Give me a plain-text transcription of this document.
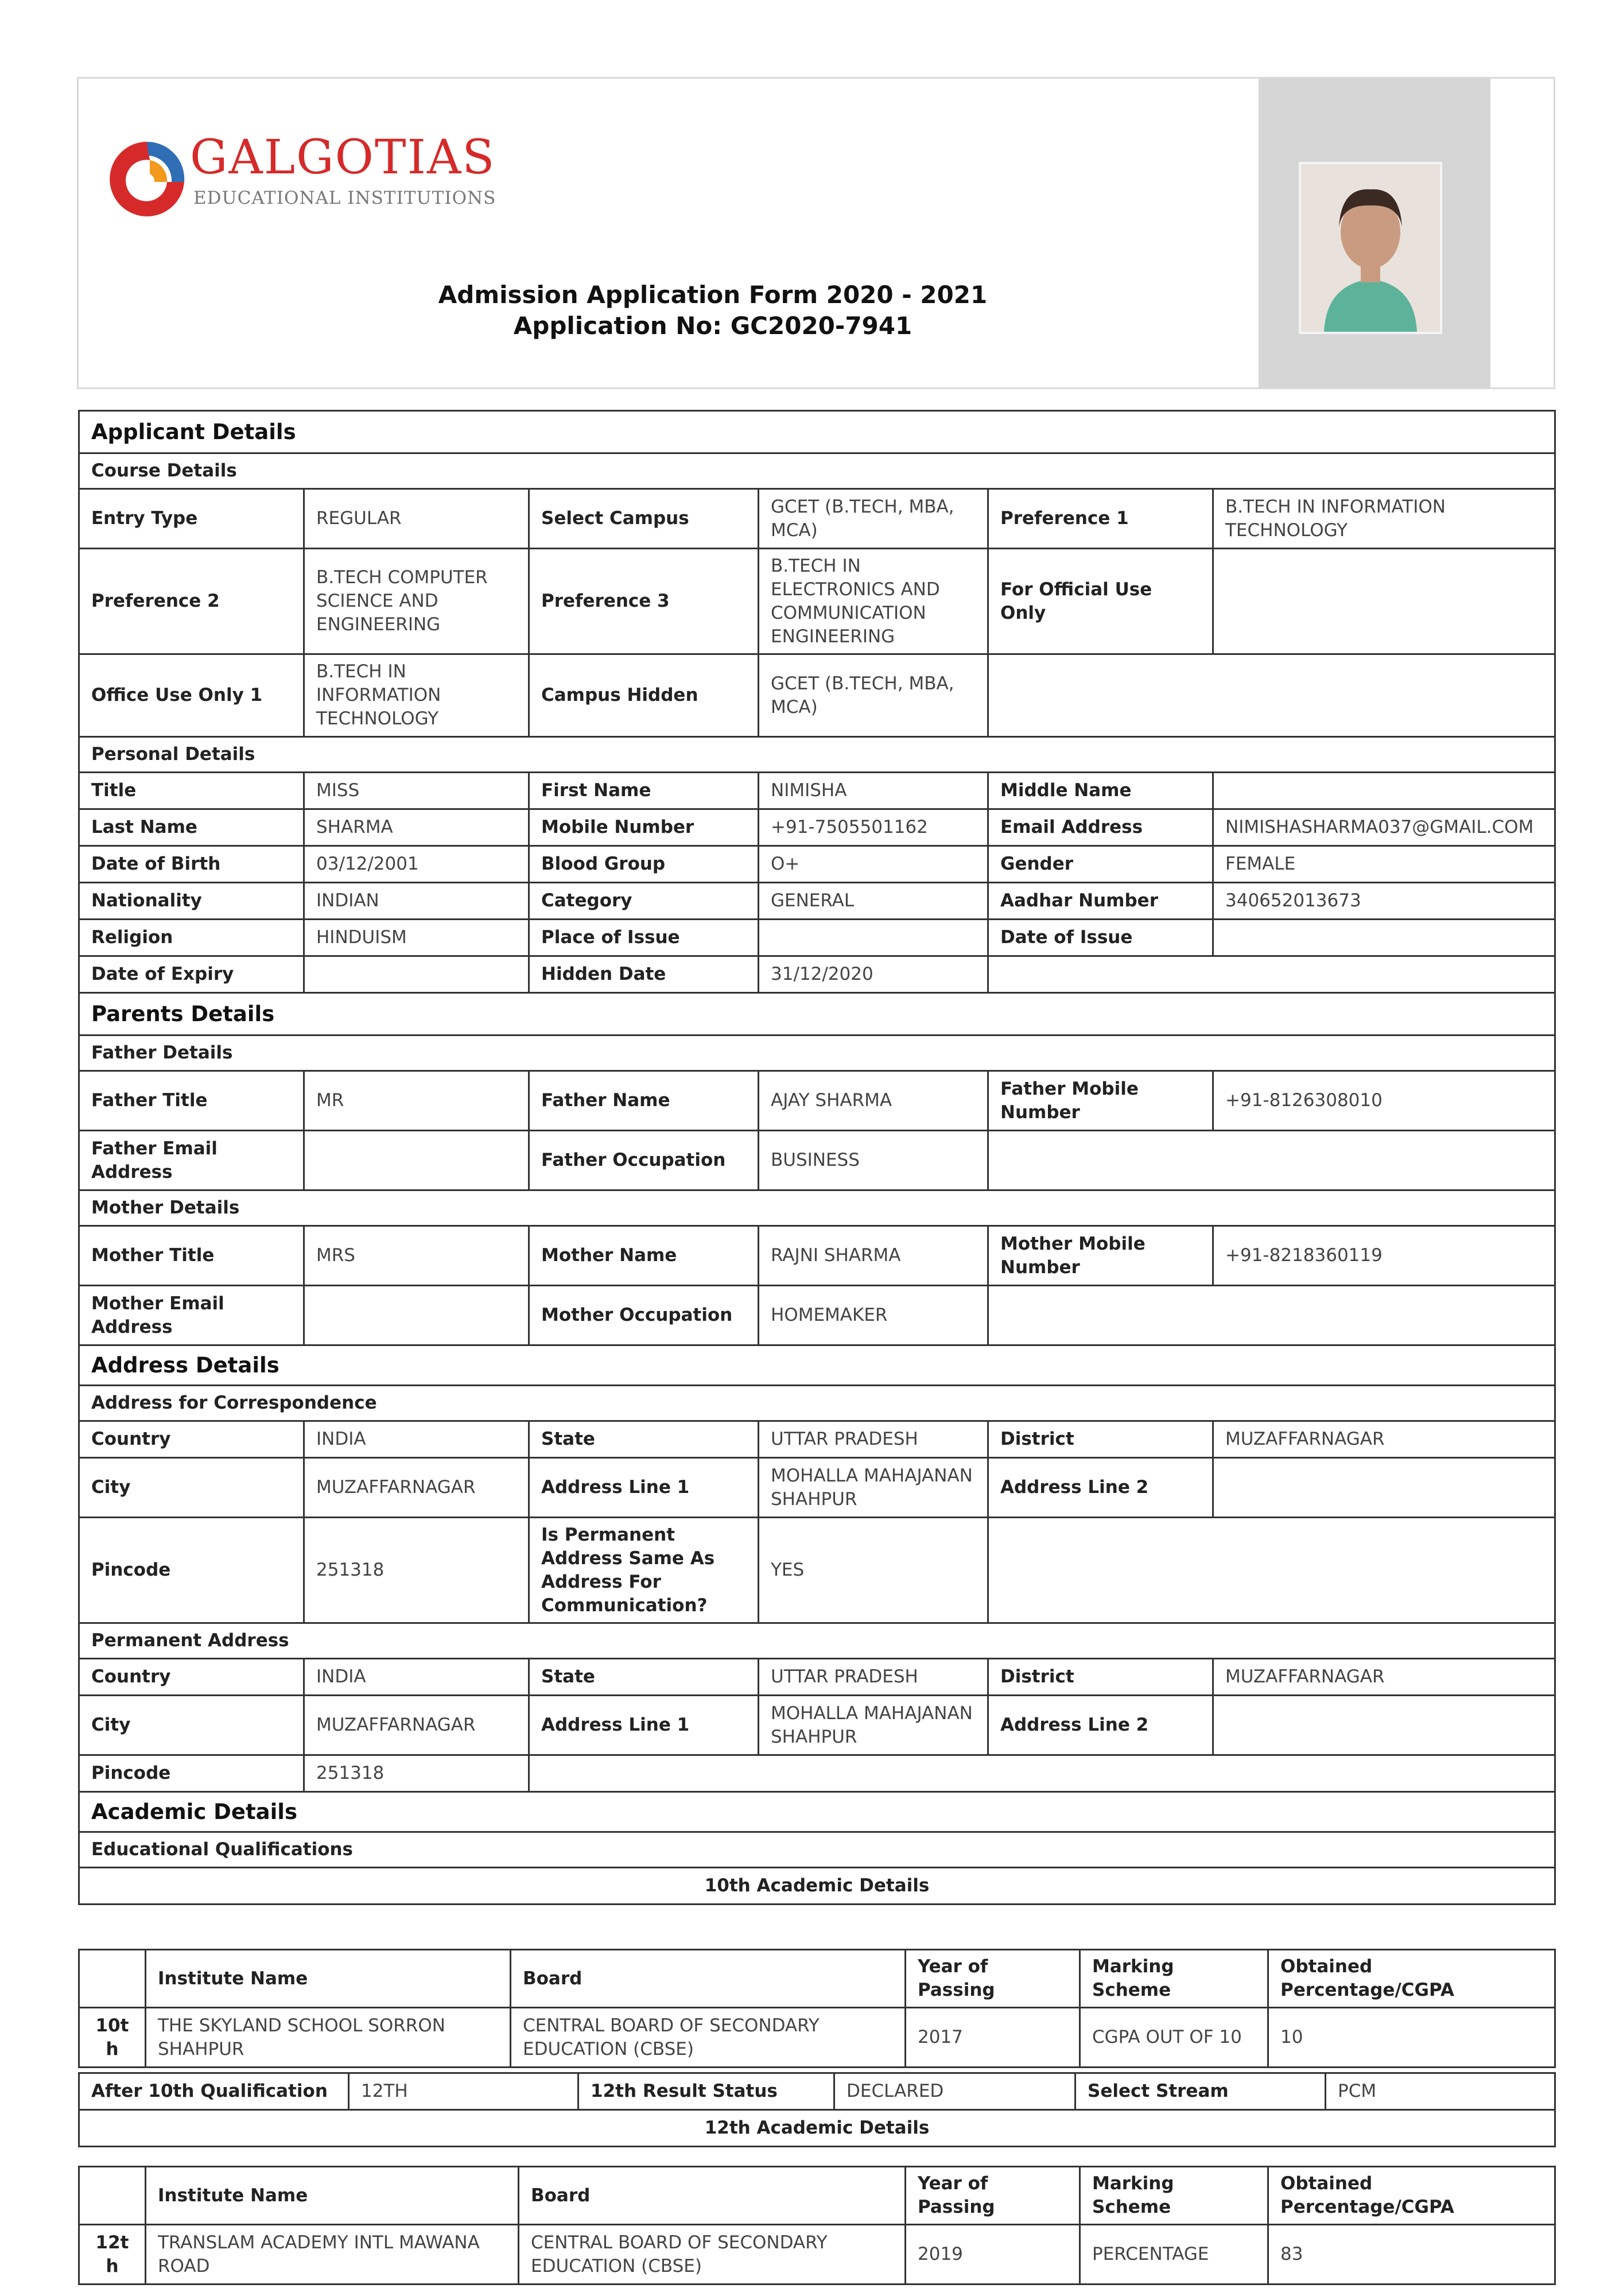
GALGOTIAS
EDUCATIONAL INSTITUTIONS
Admission Application Form 2020 - 2021
Application No: GC2020-7941
Applicant Details					
Course Details					
Entry Type	REGULAR	Select Campus	GCET (B.TECH, MBA, MCA)	Preference 1	B.TECH IN INFORMATION TECHNOLOGY
Preference 2	B.TECH COMPUTER SCIENCE AND ENGINEERING	Preference 3	B.TECH IN ELECTRONICS AND COMMUNICATION ENGINEERING	For Official Use Only	
Office Use Only 1	B.TECH IN INFORMATION TECHNOLOGY	Campus Hidden	GCET (B.TECH, MBA, MCA)		
Personal Details					
Title	MISS	First Name	NIMISHA	Middle Name	
Last Name	SHARMA	Mobile Number	+91-7505501162	Email Address	NIMISHASHARMA037@GMAIL.COM
Date of Birth	03/12/2001	Blood Group	O+	Gender	FEMALE
Nationality	INDIAN	Category	GENERAL	Aadhar Number	340652013673
Religion	HINDUISM	Place of Issue		Date of Issue	
Date of Expiry		Hidden Date	31/12/2020		
Parents Details					
Father Details					
Father Title	MR	Father Name	AJAY SHARMA	Father Mobile Number	+91-8126308010
Father Email Address		Father Occupation	BUSINESS		
Mother Details					
Mother Title	MRS	Mother Name	RAJNI SHARMA	Mother Mobile Number	+91-8218360119
Mother Email Address		Mother Occupation	HOMEMAKER		
Address Details					
Address for Correspondence					
Country	INDIA	State	UTTAR PRADESH	District	MUZAFFARNAGAR
City	MUZAFFARNAGAR	Address Line 1	MOHALLA MAHAJANAN SHAHPUR	Address Line 2	
Pincode	251318	Is Permanent Address Same As Address For Communication?	YES		
Permanent Address					
Country	INDIA	State	UTTAR PRADESH	District	MUZAFFARNAGAR
City	MUZAFFARNAGAR	Address Line 1	MOHALLA MAHAJANAN SHAHPUR	Address Line 2	
Pincode	251318				
Academic Details					
Educational Qualifications					
10th Academic Details					
	Institute Name	Board	Year of Passing	Marking Scheme	Obtained Percentage/CGPA
10th	THE SKYLAND SCHOOL SORRON SHAHPUR	CENTRAL BOARD OF SECONDARY EDUCATION (CBSE)	2017	CGPA OUT OF 10	10
After 10th Qualification	12TH	12th Result Status	DECLARED	Select Stream	PCM
12th Academic Details
	Institute Name	Board	Year of Passing	Marking Scheme	Obtained Percentage/CGPA
12th	TRANSLAM ACADEMY INTL MAWANA ROAD	CENTRAL BOARD OF SECONDARY EDUCATION (CBSE)	2019	PERCENTAGE	83
